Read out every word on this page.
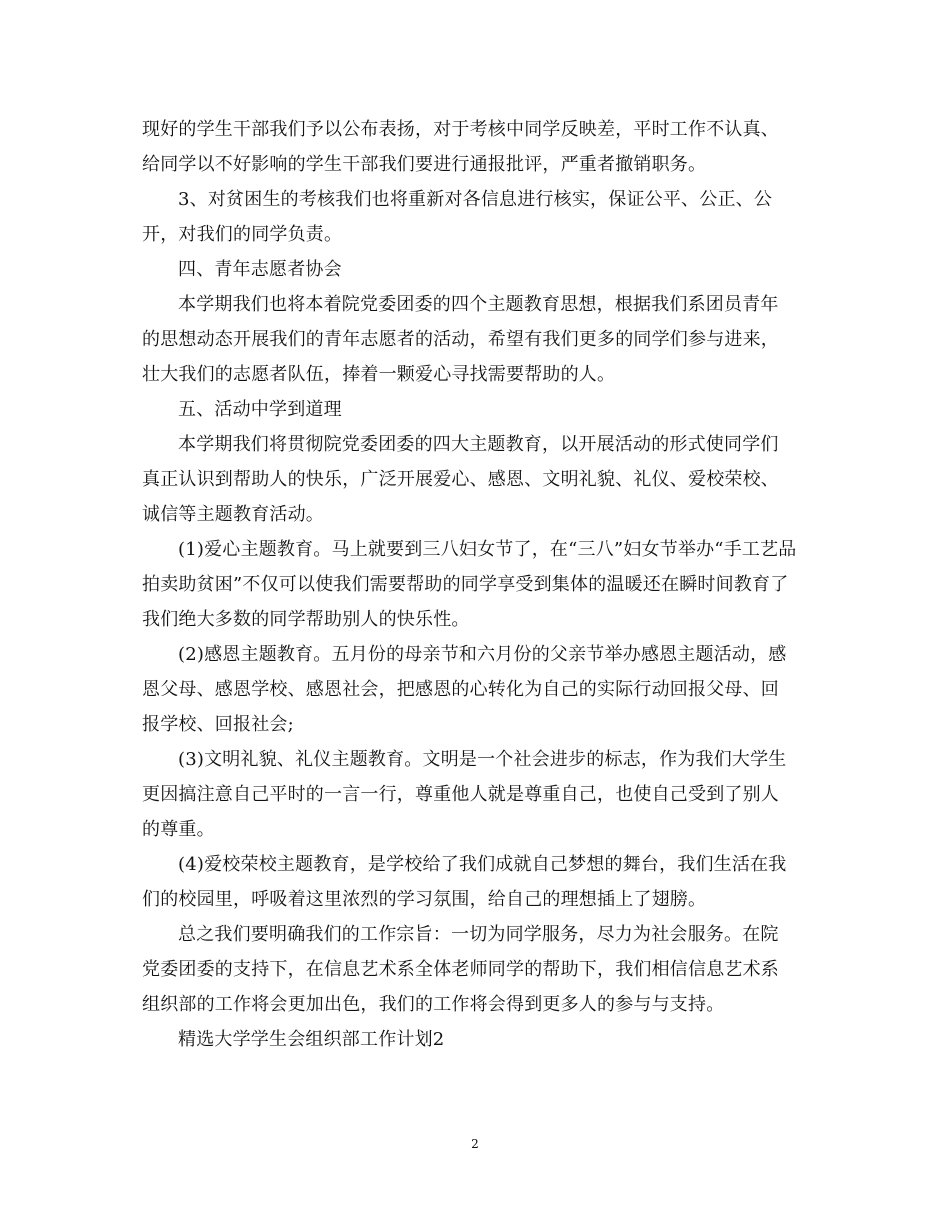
现好的学生干部我们予以公布表扬，对于考核中同学反映差，平时工作不认真、
给同学以不好影响的学生干部我们要进行通报批评，严重者撤销职务。
3、对贫困生的考核我们也将重新对各信息进行核实，保证公平、公正、公
开，对我们的同学负责。
四、青年志愿者协会
本学期我们也将本着院党委团委的四个主题教育思想，根据我们系团员青年
的思想动态开展我们的青年志愿者的活动，希望有我们更多的同学们参与进来，
壮大我们的志愿者队伍，捧着一颗爱心寻找需要帮助的人。
五、活动中学到道理
本学期我们将贯彻院党委团委的四大主题教育，以开展活动的形式使同学们
真正认识到帮助人的快乐，广泛开展爱心、感恩、文明礼貌、礼仪、爱校荣校、
诚信等主题教育活动。
(1)爱心主题教育。马上就要到三八妇女节了，在“三八”妇女节举办“手工艺品
拍卖助贫困”不仅可以使我们需要帮助的同学享受到集体的温暖还在瞬时间教育了
我们绝大多数的同学帮助别人的快乐性。
(2)感恩主题教育。五月份的母亲节和六月份的父亲节举办感恩主题活动，感
恩父母、感恩学校、感恩社会，把感恩的心转化为自己的实际行动回报父母、回
报学校、回报社会;
(3)文明礼貌、礼仪主题教育。文明是一个社会进步的标志，作为我们大学生
更因搞注意自己平时的一言一行，尊重他人就是尊重自己，也使自己受到了别人
的尊重。
(4)爱校荣校主题教育，是学校给了我们成就自己梦想的舞台，我们生活在我
们的校园里，呼吸着这里浓烈的学习氛围，给自己的理想插上了翅膀。
总之我们要明确我们的工作宗旨：一切为同学服务，尽力为社会服务。在院
党委团委的支持下，在信息艺术系全体老师同学的帮助下，我们相信信息艺术系
组织部的工作将会更加出色，我们的工作将会得到更多人的参与与支持。
精选大学学生会组织部工作计划2
2
